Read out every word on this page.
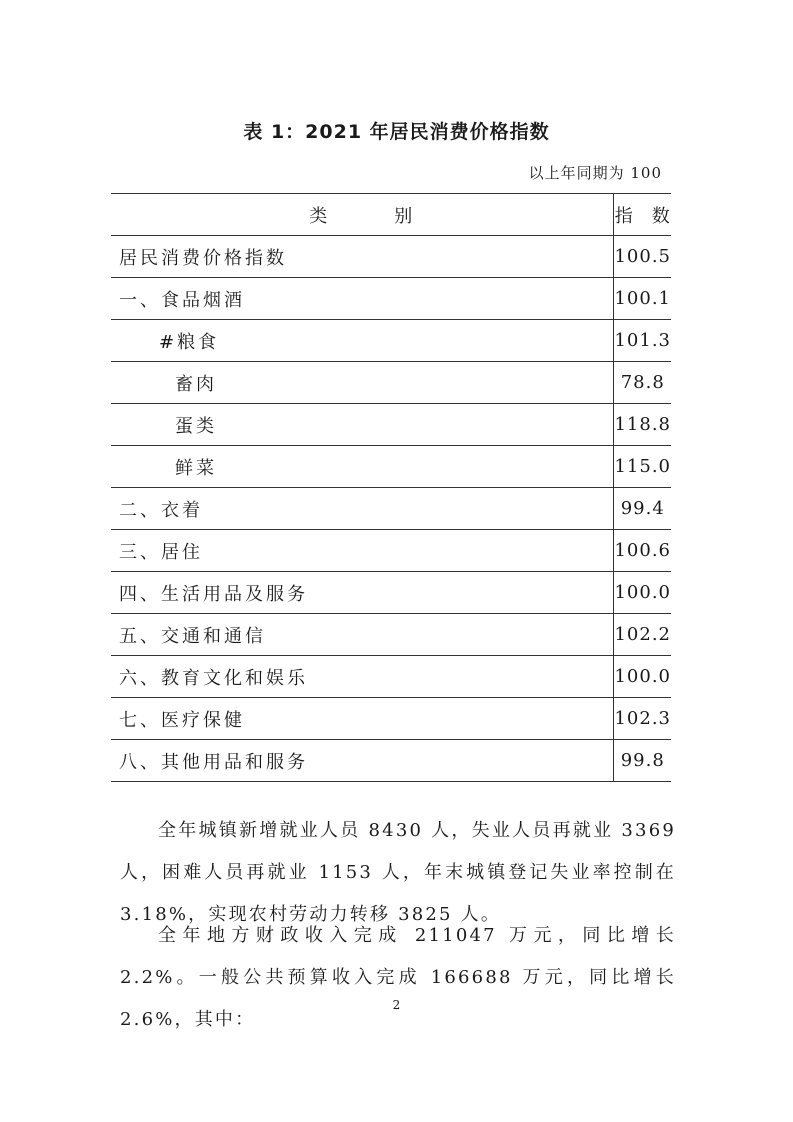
表 1：2021 年居民消费价格指数
以上年同期为 100
类 别	指 数
居民消费价格指数	100.5
一、食品烟酒	100.1
#粮食	101.3
畜肉	78.8
蛋类	118.8
鲜菜	115.0
二、衣着	99.4
三、居住	100.6
四、生活用品及服务	100.0
五、交通和通信	102.2
六、教育文化和娱乐	100.0
七、医疗保健	102.3
八、其他用品和服务	99.8

全年城镇新增就业人员 8430 人，失业人员再就业 3369 人，困难人员再就业 1153 人，年末城镇登记失业率控制在 3.18%，实现农村劳动力转移 3825 人。

全年地方财政收入完成 211047 万元，同比增长 2.2%。一般公共预算收入完成 166688 万元，同比增长 2.6%，其中：

2
